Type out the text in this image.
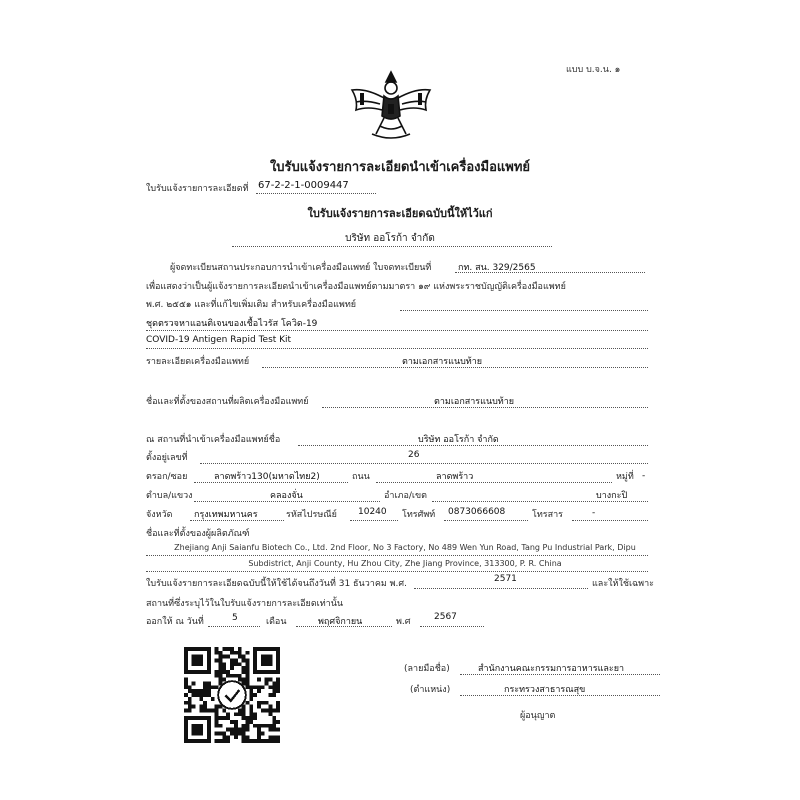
แบบ บ.จ.น. ๑
ใบรับแจ้งรายการละเอียดนำเข้าเครื่องมือแพทย์
ใบรับแจ้งรายการละเอียดที่ 67-2-2-1-0009447
ใบรับแจ้งรายการละเอียดฉบับนี้ให้ไว้แก่
บริษัท ออโรก้า จำกัด
ผู้จดทะเบียนสถานประกอบการนำเข้าเครื่องมือแพทย์ ใบจดทะเบียนที่	กท. สน. 329/2565
เพื่อแสดงว่าเป็นผู้แจ้งรายการละเอียดนำเข้าเครื่องมือแพทย์ตามมาตรา ๑๙ แห่งพระราชบัญญัติเครื่องมือแพทย์
พ.ศ. ๒๕๕๑ และที่แก้ไขเพิ่มเติม สำหรับเครื่องมือแพทย์
ชุดตรวจหาแอนติเจนของเชื้อไวรัส โควิด-19
COVID-19 Antigen Rapid Test Kit
รายละเอียดเครื่องมือแพทย์	ตามเอกสารแนบท้าย
ชื่อและที่ตั้งของสถานที่ผลิตเครื่องมือแพทย์	ตามเอกสารแนบท้าย
ณ สถานที่นำเข้าเครื่องมือแพทย์ชื่อ	บริษัท ออโรก้า จำกัด
ตั้งอยู่เลขที่	26
ตรอก/ซอย	ลาดพร้าว130(มหาดไทย2)	ถนน	ลาดพร้าว	หมู่ที่ -
ตำบล/แขวง	คลองจั่น	อำเภอ/เขต	บางกะปิ
จังหวัด กรุงเทพมหานคร	รหัสไปรษณีย์ 10240 โทรศัพท์ 0873066608	โทรสาร	-
ชื่อและที่ตั้งของผู้ผลิตภัณฑ์
Zhejiang Anji Saianfu Biotech Co., Ltd. 2nd Floor, No 3 Factory, No 489 Wen Yun Road, Tang Pu Industrial Park, Dipu
Subdistrict, Anji County, Hu Zhou City, Zhe Jiang Province, 313300, P. R. China
ใบรับแจ้งรายการละเอียดฉบับนี้ให้ใช้ได้จนถึงวันที่ 31 ธันวาคม พ.ศ.	2571	และให้ใช้เฉพาะ
สถานที่ซึ่งระบุไว้ในใบรับแจ้งรายการละเอียดเท่านั้น
ออกให้ ณ วันที่	5	เดือน	พฤศจิกายน	พ.ศ	2567
(ลายมือชื่อ)	สำนักงานคณะกรรมการอาหารและยา
(ตำแหน่ง)	กระทรวงสาธารณสุข
ผู้อนุญาต
